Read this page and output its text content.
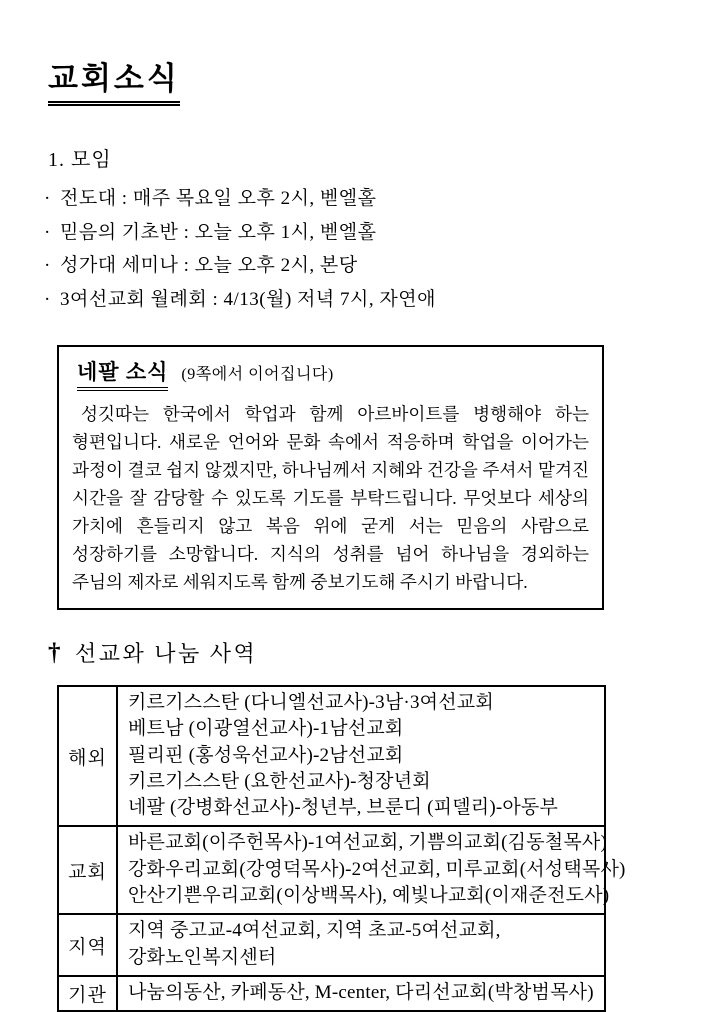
교회소식
1. 모임
· 전도대 : 매주 목요일 오후 2시, 벧엘홀
· 믿음의 기초반 : 오늘 오후 1시, 벧엘홀
· 성가대 세미나 : 오늘 오후 2시, 본당
· 3여선교회 월례회 : 4/13(월) 저녁 7시, 자연애
네팔 소식 (9쪽에서 이어집니다)
성깃따는 한국에서 학업과 함께 아르바이트를 병행해야 하는 형편입니다. 새로운 언어와 문화 속에서 적응하며 학업을 이어가는 과정이 결코 쉽지 않겠지만, 하나님께서 지혜와 건강을 주셔서 맡겨진 시간을 잘 감당할 수 있도록 기도를 부탁드립니다. 무엇보다 세상의 가치에 흔들리지 않고 복음 위에 굳게 서는 믿음의 사람으로 성장하기를 소망합니다. 지식의 성취를 넘어 하나님을 경외하는 주님의 제자로 세워지도록 함께 중보기도해 주시기 바랍니다.
† 선교와 나눔 사역
해외	키르기스스탄 (다니엘선교사)-3남·3여선교회
베트남 (이광열선교사)-1남선교회
필리핀 (홍성욱선교사)-2남선교회
키르기스스탄 (요한선교사)-청장년회
네팔 (강병화선교사)-청년부, 브룬디 (피델리)-아동부

교회	바른교회(이주헌목사)-1여선교회, 기쁨의교회(김동철목사)
강화우리교회(강영덕목사)-2여선교회, 미루교회(서성택목사)
안산기쁜우리교회(이상백목사), 예빛나교회(이재준전도사)

지역	지역 중고교-4여선교회, 지역 초교-5여선교회,
강화노인복지센터

기관	나눔의동산, 카페동산, M-center, 다리선교회(박창범목사)
